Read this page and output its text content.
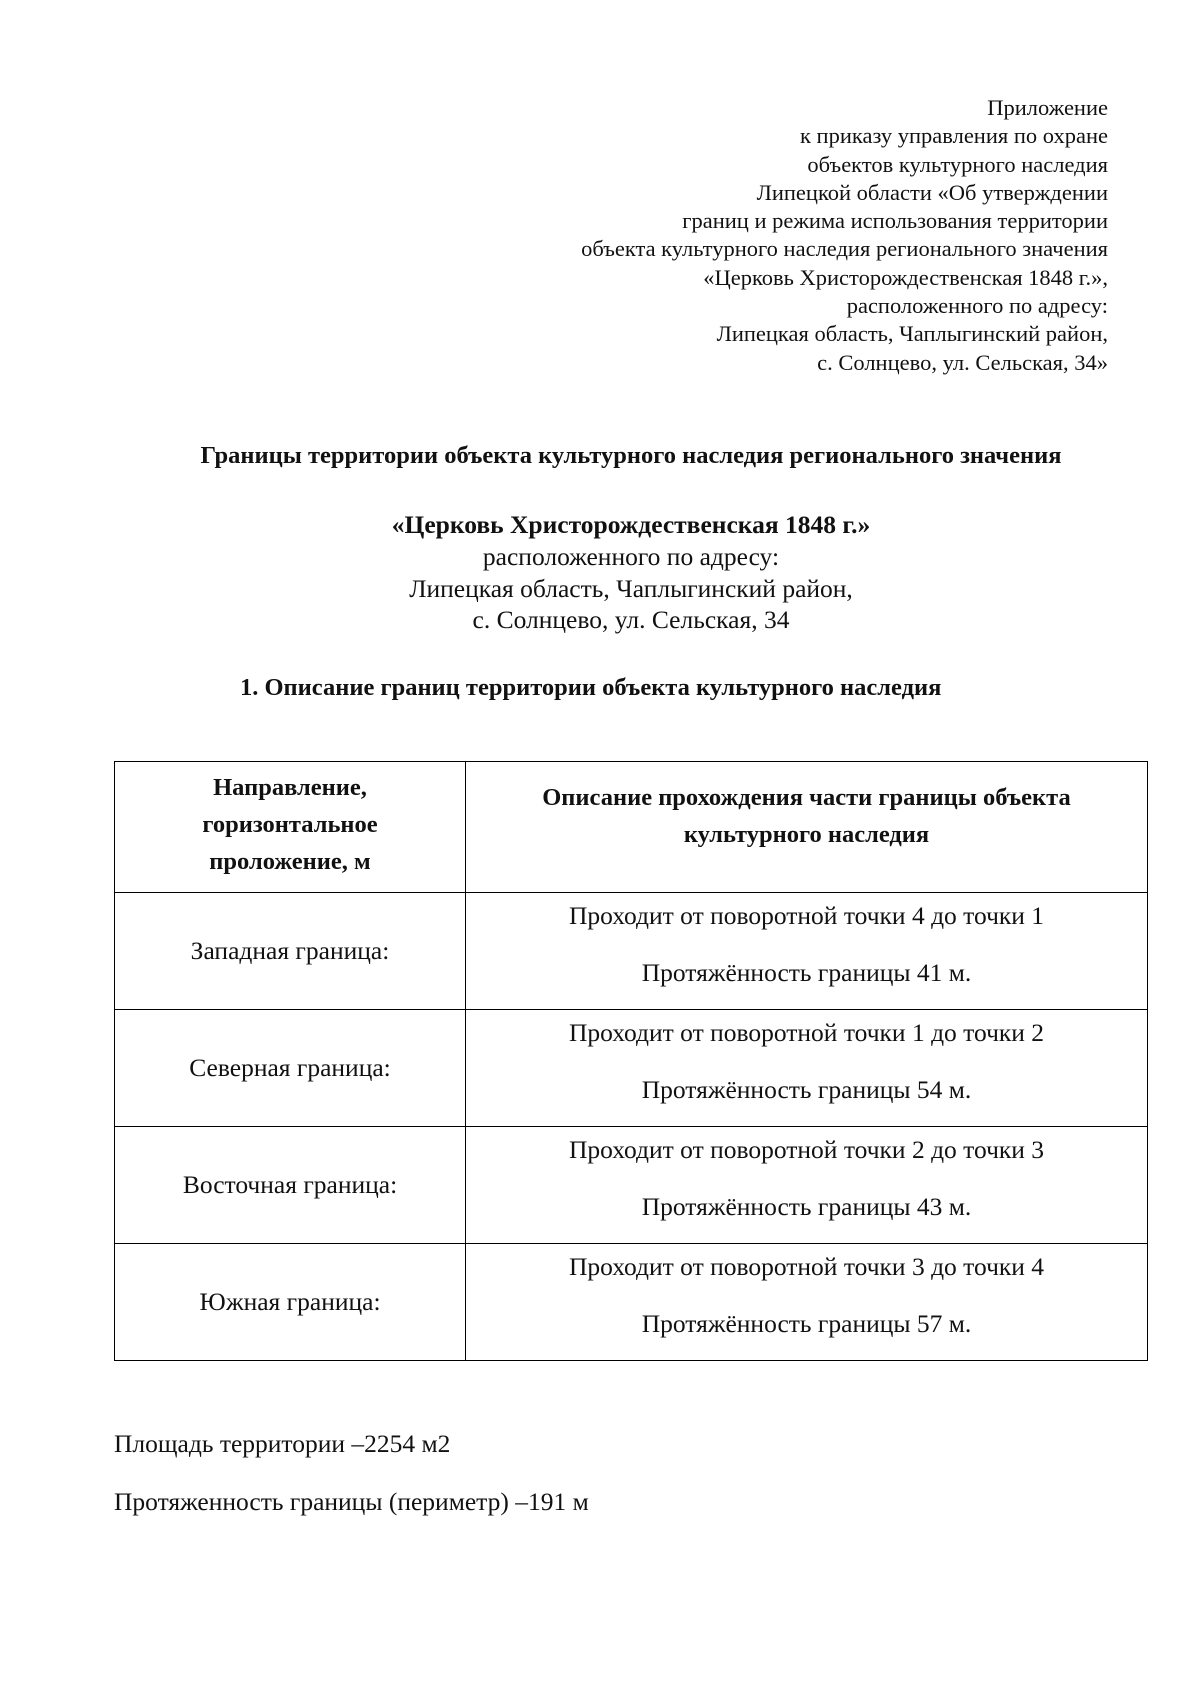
Приложение
к приказу управления по охране
объектов культурного наследия
Липецкой области «Об утверждении
границ и режима использования территории
объекта культурного наследия регионального значения
«Церковь Христорождественская 1848 г.»,
расположенного по адресу:
Липецкая область, Чаплыгинский район,
с. Солнцево, ул. Сельская, 34»
Границы территории объекта культурного наследия регионального значения
«Церковь Христорождественская 1848 г.»
расположенного по адресу:
Липецкая область, Чаплыгинский район,
с. Солнцево, ул. Сельская, 34
1. Описание границ территории объекта культурного наследия
Направление, горизонтальное проложение, м	Описание прохождения части границы объекта культурного наследия

Западная граница:	Проходит от поворотной точки 4 до точки 1
Протяжённость границы 41 м.

Северная граница:	Проходит от поворотной точки 1 до точки 2
Протяжённость границы 54 м.

Восточная граница:	Проходит от поворотной точки 2 до точки 3
Протяжённость границы 43 м.

Южная граница:	Проходит от поворотной точки 3 до точки 4
Протяжённость границы 57 м.
Площадь территории –2254 м2
Протяженность границы (периметр) –191 м
